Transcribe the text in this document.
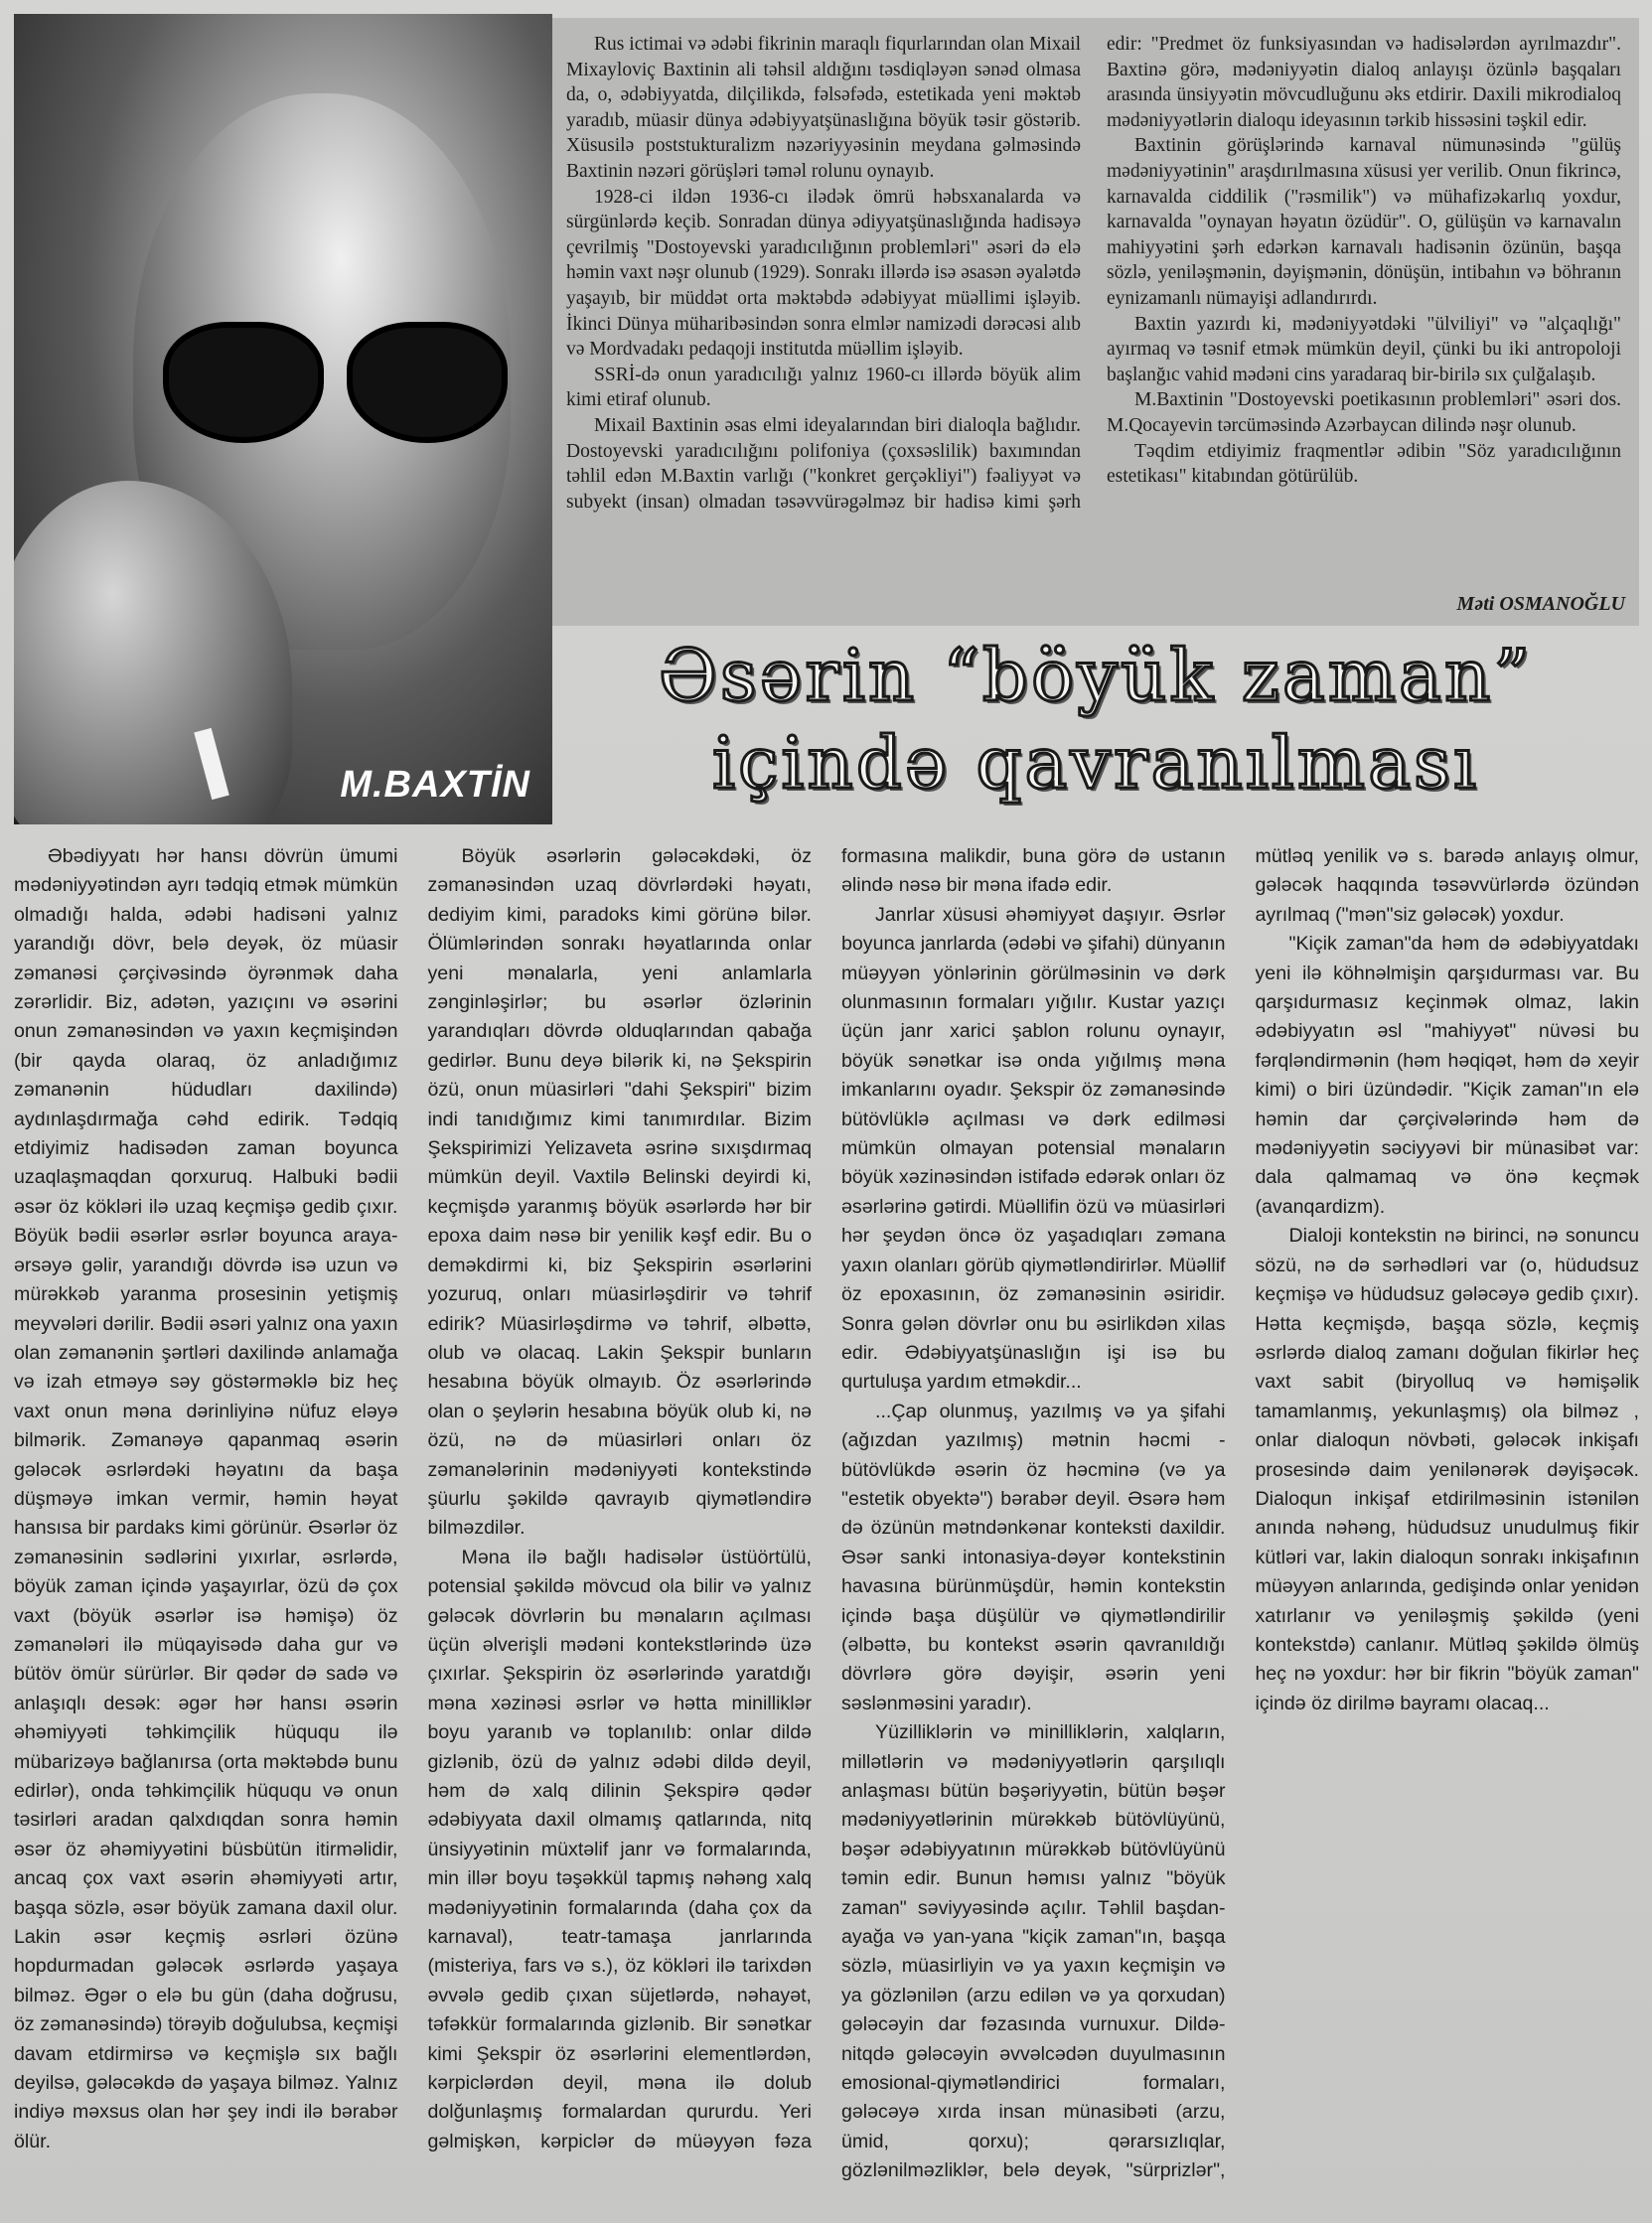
M.BAXTİN

Rus ictimai və ədəbi fikrinin maraqlı fiqurlarından olan Mixail Mixayloviç Baxtinin ali təhsil aldığını təsdiqləyən sənəd olmasa da, o, ədəbiyyatda, dilçilikdə, fəlsəfədə, estetikada yeni məktəb yaradıb, müasir dünya ədəbiyyatşünaslığına böyük təsir göstərib. Xüsusilə poststukturalizm nəzəriyyəsinin meydana gəlməsində Baxtinin nəzəri görüşləri təməl rolunu oynayıb.

1928-ci ildən 1936-cı ilədək ömrü həbsxanalarda və sürgünlərdə keçib. Sonradan dünya ədiyyatşünaslığında hadisəyə çevrilmiş "Dostoyevski yaradıcılığının problemləri" əsəri də elə həmin vaxt nəşr olunub (1929). Sonrakı illərdə isə əsasən əyalətdə yaşayıb, bir müddət orta məktəbdə ədəbiyyat müəllimi işləyib. İkinci Dünya müharibəsindən sonra elmlər namizədi dərəcəsi alıb və Mordvadakı pedaqoji institutda müəllim işləyib.

SSRİ-də onun yaradıcılığı yalnız 1960-cı illərdə böyük alim kimi etiraf olunub.

Mixail Baxtinin əsas elmi ideyalarından biri dialoqla bağlıdır. Dostoyevski yaradıcılığını polifoniya (çoxsəslilik) baxımından təhlil edən M.Baxtin varlığı ("konkret gerçəkliyi") fəaliyyət və subyekt (insan) olmadan təsəvvürəgəlməz bir hadisə kimi şərh edir: "Predmet öz funksiyasından və hadisələrdən ayrılmazdır". Baxtinə görə, mədəniyyətin dialoq anlayışı özünlə başqaları arasında ünsiyyətin mövcudluğunu əks etdirir. Daxili mikrodialoq mədəniyyətlərin dialoqu ideyasının tərkib hissəsini təşkil edir.

Baxtinin görüşlərində karnaval nümunəsində "gülüş mədəniyyətinin" araşdırılmasına xüsusi yer verilib. Onun fikrincə, karnavalda ciddilik ("rəsmilik") və mühafizəkarlıq yoxdur, karnavalda "oynayan həyatın özüdür". O, gülüşün və karnavalın mahiyyətini şərh edərkən karnavalı hadisənin özünün, başqa sözlə, yeniləşmənin, dəyişmənin, dönüşün, intibahın və böhranın eynizamanlı nümayişi adlandırırdı.

Baxtin yazırdı ki, mədəniyyətdəki "ülviliyi" və "alçaqlığı" ayırmaq və təsnif etmək mümkün deyil, çünki bu iki antropoloji başlanğıc vahid mədəni cins yaradaraq bir-birilə sıx çulğalaşıb.

M.Baxtinin "Dostoyevski poetikasının problemləri" əsəri dos. M.Qocayevin tərcüməsində Azərbaycan dilində nəşr olunub.

Təqdim etdiyimiz fraqmentlər ədibin "Söz yaradıcılığının estetikası" kitabından götürülüb.

Məti OSMANOĞLU
Əsərin “böyük zaman”
içində qavranılması

Əbədiyyatı hər hansı dövrün ümumi mədəniyyətindən ayrı tədqiq etmək mümkün olmadığı halda, ədəbi hadisəni yalnız yarandığı dövr, belə deyək, öz müasir zəmanəsi çərçivəsində öyrənmək daha zərərlidir. Biz, adətən, yazıçını və əsərini onun zəmanəsindən və yaxın keçmişindən (bir qayda olaraq, öz anladığımız zəmanənin hüdudları daxilində) aydınlaşdırmağa cəhd edirik. Tədqiq etdiyimiz hadisədən zaman boyunca uzaqlaşmaqdan qorxuruq. Halbuki bədii əsər öz kökləri ilə uzaq keçmişə gedib çıxır. Böyük bədii əsərlər əsrlər boyunca araya-ərsəyə gəlir, yarandığı dövrdə isə uzun və mürəkkəb yaranma prosesinin yetişmiş meyvələri dərilir. Bədii əsəri yalnız ona yaxın olan zəmanənin şərtləri daxilində anlamağa və izah etməyə səy göstərməklə biz heç vaxt onun məna dərinliyinə nüfuz eləyə bilmərik. Zəmanəyə qapanmaq əsərin gələcək əsrlərdəki həyatını da başa düşməyə imkan vermir, həmin həyat hansısa bir pardaks kimi görünür. Əsərlər öz zəmanəsinin sədlərini yıxırlar, əsrlərdə, böyük zaman içində yaşayırlar, özü də çox vaxt (böyük əsərlər isə həmişə) öz zəmanələri ilə müqayisədə daha gur və bütöv ömür sürürlər. Bir qədər də sadə və anlaşıqlı desək: əgər hər hansı əsərin əhəmiyyəti təhkimçilik hüququ ilə mübarizəyə bağlanırsa (orta məktəbdə bunu edirlər), onda təhkimçilik hüququ və onun təsirləri aradan qalxdıqdan sonra həmin əsər öz əhəmiyyətini büsbütün itirməlidir, ancaq çox vaxt əsərin əhəmiyyəti artır, başqa sözlə, əsər böyük zamana daxil olur. Lakin əsər keçmiş əsrləri özünə hopdurmadan gələcək əsrlərdə yaşaya bilməz. Əgər o elə bu gün (daha doğrusu, öz zəmanəsində) törəyib doğulubsa, keçmişi davam etdirmirsə və keçmişlə sıx bağlı deyilsə, gələcəkdə də yaşaya bilməz. Yalnız indiyə məxsus olan hər şey indi ilə bərabər ölür.

Böyük əsərlərin gələcəkdəki, öz zəmanəsindən uzaq dövrlərdəki həyatı, dediyim kimi, paradoks kimi görünə bilər. Ölümlərindən sonrakı həyatlarında onlar yeni mənalarla, yeni anlamlarla zənginləşirlər; bu əsərlər özlərinin yarandıqları dövrdə olduqlarından qabağa gedirlər. Bunu deyə bilərik ki, nə Şekspirin özü, onun müasirləri "dahi Şekspiri" bizim indi tanıdığımız kimi tanımırdılar. Bizim Şekspirimizi Yelizaveta əsrinə sıxışdırmaq mümkün deyil. Vaxtilə Belinski deyirdi ki, keçmişdə yaranmış böyük əsərlərdə hər bir epoxa daim nəsə bir yenilik kəşf edir. Bu o deməkdirmi ki, biz Şekspirin əsərlərini yozuruq, onları müasirləşdirir və təhrif edirik? Müasirləşdirmə və təhrif, əlbəttə, olub və olacaq. Lakin Şekspir bunların hesabına böyük olmayıb. Öz əsərlərində olan o şeylərin hesabına böyük olub ki, nə özü, nə də müasirləri onları öz zəmanələrinin mədəniyyəti kontekstində şüurlu şəkildə qavrayıb qiymətləndirə bilməzdilər.

Məna ilə bağlı hadisələr üstüörtülü, potensial şəkildə mövcud ola bilir və yalnız gələcək dövrlərin bu mənaların açılması üçün əlverişli mədəni kontekstlərində üzə çıxırlar. Şekspirin öz əsərlərində yaratdığı məna xəzinəsi əsrlər və hətta minilliklər boyu yaranıb və toplanılıb: onlar dildə gizlənib, özü də yalnız ədəbi dildə deyil, həm də xalq dilinin Şekspirə qədər ədəbiyyata daxil olmamış qatlarında, nitq ünsiyyətinin müxtəlif janr və formalarında, min illər boyu təşəkkül tapmış nəhəng xalq mədəniyyətinin formalarında (daha çox da karnaval), teatr-tamaşa janrlarında (misteriya, fars və s.), öz kökləri ilə tarixdən əvvələ gedib çıxan süjetlərdə, nəhayət, təfəkkür formalarında gizlənib. Bir sənətkar kimi Şekspir öz əsərlərini elementlərdən, kərpiclərdən deyil, məna ilə dolub dolğunlaşmış formalardan qururdu. Yeri gəlmişkən, kərpiclər də müəyyən fəza formasına malikdir, buna görə də ustanın əlində nəsə bir məna ifadə edir.

Janrlar xüsusi əhəmiyyət daşıyır. Əsrlər boyunca janrlarda (ədəbi və şifahi) dünyanın müəyyən yönlərinin görülməsinin və dərk olunmasının formaları yığılır. Kustar yazıçı üçün janr xarici şablon rolunu oynayır, böyük sənətkar isə onda yığılmış məna imkanlarını oyadır. Şekspir öz zəmanəsində bütövlüklə açılması və dərk edilməsi mümkün olmayan potensial mənaların böyük xəzinəsindən istifadə edərək onları öz əsərlərinə gətirdi. Müəllifin özü və müasirləri hər şeydən öncə öz yaşadıqları zəmana yaxın olanları görüb qiymətləndirirlər. Müəllif öz epoxasının, öz zəmanəsinin əsiridir. Sonra gələn dövrlər onu bu əsirlikdən xilas edir. Ədəbiyyatşünaslığın işi isə bu qurtuluşa yardım etməkdir...

...Çap olunmuş, yazılmış və ya şifahi (ağızdan yazılmış) mətnin həcmi - bütövlükdə əsərin öz həcminə (və ya "estetik obyektə") bərabər deyil. Əsərə həm də özünün mətndənkənar konteksti daxildir. Əsər sanki intonasiya-dəyər kontekstinin havasına bürünmüşdür, həmin kontekstin içində başa düşülür və qiymətləndirilir (əlbəttə, bu kontekst əsərin qavranıldığı dövrlərə görə dəyişir, əsərin yeni səslənməsini yaradır).

Yüzilliklərin və minilliklərin, xalqların, millətlərin və mədəniyyətlərin qarşılıqlı anlaşması bütün bəşəriyyətin, bütün bəşər mədəniyyətlərinin mürəkkəb bütövlüyünü, bəşər ədəbiyyatının mürəkkəb bütövlüyünü təmin edir. Bunun həmısı yalnız "böyük zaman" səviyyəsində açılır. Təhlil başdan-ayağa və yan-yana "kiçik zaman"ın, başqa sözlə, müasirliyin və ya yaxın keçmişin və ya gözlənilən (arzu edilən və ya qorxudan) gələcəyin dar fəzasında vurnuxur. Dildə-nitqdə gələcəyin əvvəlcədən duyulmasının emosional-qiymətləndirici formaları, gələcəyə xırda insan münasibəti (arzu, ümid, qorxu); qərarsızlıqlar, gözlənilməzliklər, belə deyək, "sürprizlər", mütləq yenilik və s. barədə anlayış olmur, gələcək haqqında təsəvvürlərdə özündən ayrılmaq ("mən"siz gələcək) yoxdur.

"Kiçik zaman"da həm də ədəbiyyatdakı yeni ilə köhnəlmişin qarşıdurması var. Bu qarşıdurmasız keçinmək olmaz, lakin ədəbiyyatın əsl "mahiyyət" nüvəsi bu fərqləndirmənin (həm həqiqət, həm də xeyir kimi) o biri üzündədir. "Kiçik zaman"ın elə həmin dar çərçivələrində həm də mədəniyyətin səciyyəvi bir münasibət var: dala qalmamaq və önə keçmək (avanqardizm).

Dialoji kontekstin nə birinci, nə sonuncu sözü, nə də sərhədləri var (o, hüdudsuz keçmişə və hüdudsuz gələcəyə gedib çıxır). Hətta keçmişdə, başqa sözlə, keçmiş əsrlərdə dialoq zamanı doğulan fikirlər heç vaxt sabit (biryolluq və həmişəlik tamamlanmış, yekunlaşmış) ola bilməz , onlar dialoqun növbəti, gələcək inkişafı prosesində daim yenilənərək dəyişəcək. Dialoqun inkişaf etdirilməsinin istənilən anında nəhəng, hüdudsuz unudulmuş fikir kütləri var, lakin dialoqun sonrakı inkişafının müəyyən anlarında, gedişində onlar yenidən xatırlanır və yeniləşmiş şəkildə (yeni kontekstdə) canlanır. Mütləq şəkildə ölmüş heç nə yoxdur: hər bir fikrin "böyük zaman" içində öz dirilmə bayramı olacaq...
